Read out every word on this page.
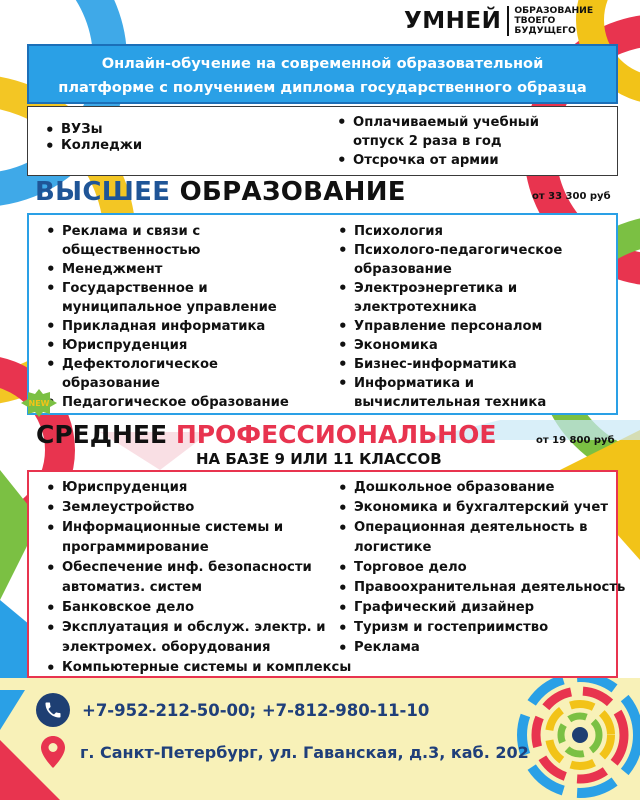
УМНЕЙ ОБРАЗОВАНИЕ
ТВОЕГО
БУДУЩЕГО
Онлайн-обучение на современной образовательной
платформе с получением диплома государственного образца
• ВУЗы
• Колледжи
• Оплачиваемый учебный
отпуск 2 раза в год
• Отсрочка от армии
ВЫСШЕЕ ОБРАЗОВАНИЕ	от 33 300 руб
• Реклама и связи с
общественностью
• Менеджмент
• Государственное и
муниципальное управление
• Прикладная информатика
• Юриспруденция
• Дефектологическое
образование
• Педагогическое образование
• Психология
• Психолого-педагогическое
образование
• Электроэнергетика и
электротехника
• Управление персоналом
• Экономика
• Бизнес-информатика
• Информатика и
вычислительная техника
NEW
СРЕДНЕЕ ПРОФЕССИОНАЛЬНОЕ	от 19 800 руб
НА БАЗЕ 9 ИЛИ 11 КЛАССОВ
• Юриспруденция
• Землеустройство
• Информационные системы и
программирование
• Обеспечение инф. безопасности
автоматиз. систем
• Банковское дело
• Эксплуатация и обслуж. электр. и
электромех. оборудования
• Компьютерные системы и комплексы
• Дошкольное образование
• Экономика и бухгалтерский учет
• Операционная деятельность в
логистике
• Торговое дело
• Правоохранительная деятельность
• Графический дизайнер
• Туризм и гостеприимство
• Реклама
+7-952-212-50-00; +7-812-980-11-10
г. Санкт-Петербург, ул. Гаванская, д.3, каб. 202
